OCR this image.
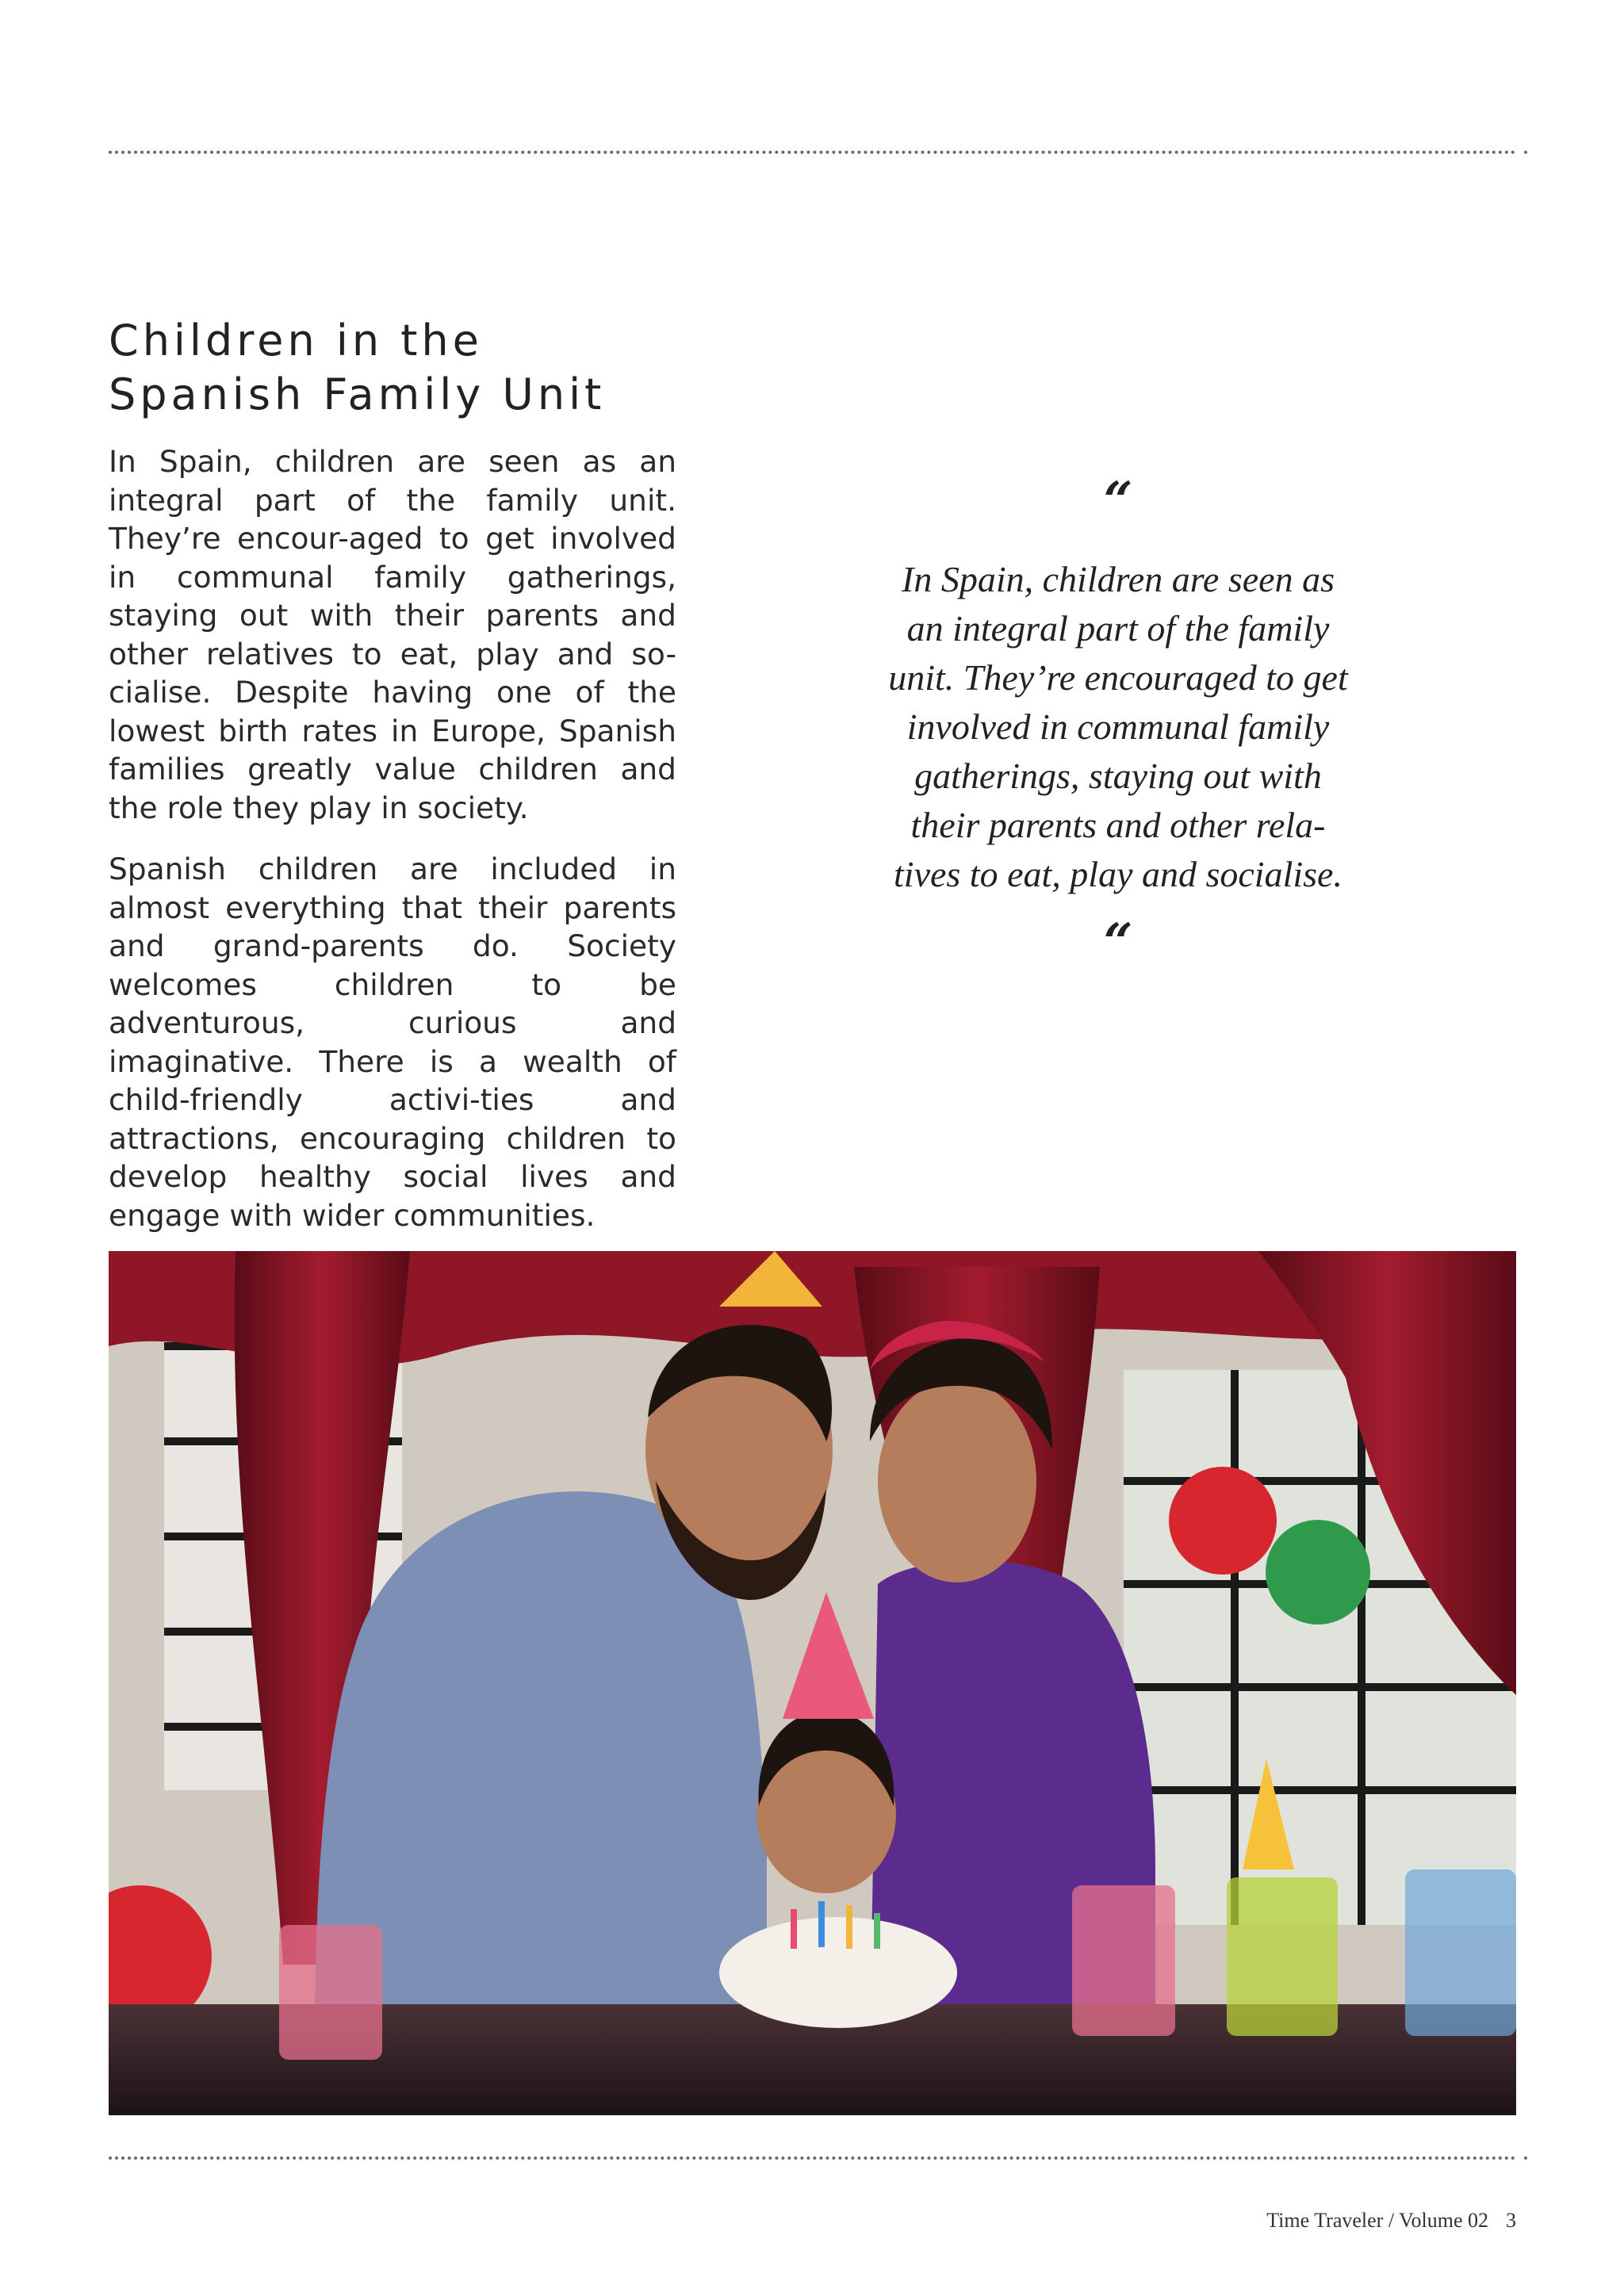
Children in the Spanish Family Unit

In Spain, children are seen as an integral part of the family unit. They’re encour-aged to get involved in communal family gatherings, staying out with their parents and other relatives to eat, play and so-cialise. Despite having one of the lowest birth rates in Europe, Spanish families greatly value children and the role they play in society.

Spanish children are included in almost everything that their parents and grand-parents do. Society welcomes children to be adventurous, curious and imaginative. There is a wealth of child-friendly activi-ties and attractions, encouraging children to develop healthy social lives and engage with wider communities.

“
In Spain, children are seen as an integral part of the family unit. They’re encouraged to get involved in communal family gatherings, staying out with their parents and other rela-tives to eat, play and socialise.
“
Time Traveler / Volume 02 3
